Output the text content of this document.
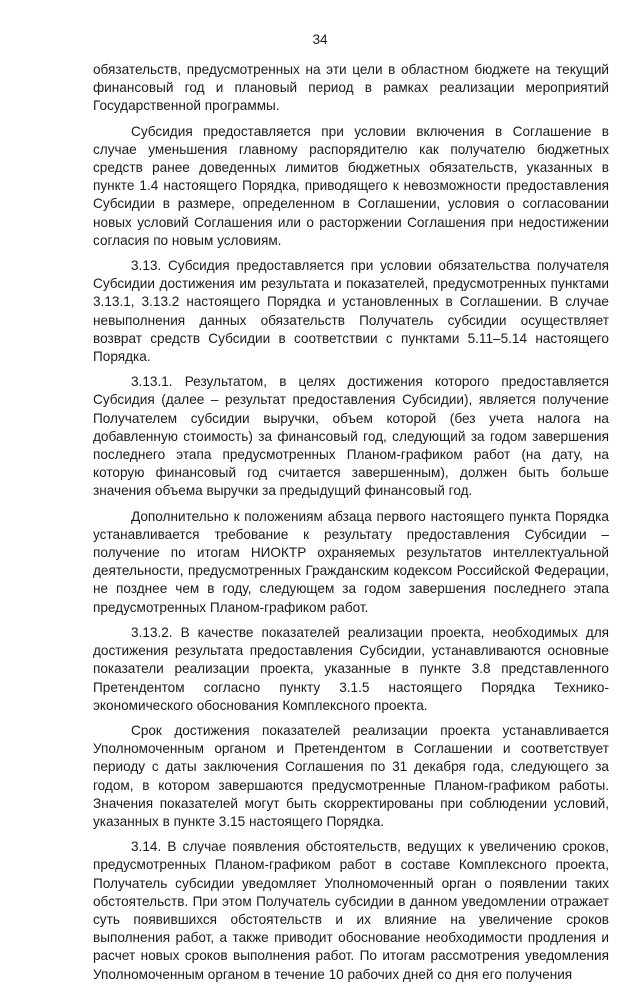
34

обязательств, предусмотренных на эти цели в областном бюджете на текущий финансовый год и плановый период в рамках реализации мероприятий Государственной программы.

Субсидия предоставляется при условии включения в Соглашение в случае уменьшения главному распорядителю как получателю бюджетных средств ранее доведенных лимитов бюджетных обязательств, указанных в пункте 1.4 настоящего Порядка, приводящего к невозможности предоставления Субсидии в размере, определенном в Соглашении, условия о согласовании новых условий Соглашения или о расторжении Соглашения при недостижении согласия по новым условиям.

3.13. Субсидия предоставляется при условии обязательства получателя Субсидии достижения им результата и показателей, предусмотренных пунктами 3.13.1, 3.13.2 настоящего Порядка и установленных в Соглашении. В случае невыполнения данных обязательств Получатель субсидии осуществляет возврат средств Субсидии в соответствии с пунктами 5.11–5.14 настоящего Порядка.

3.13.1. Результатом, в целях достижения которого предоставляется Субсидия (далее – результат предоставления Субсидии), является получение Получателем субсидии выручки, объем которой (без учета налога на добавленную стоимость) за финансовый год, следующий за годом завершения последнего этапа предусмотренных Планом-графиком работ (на дату, на которую финансовый год считается завершенным), должен быть больше значения объема выручки за предыдущий финансовый год.

Дополнительно к положениям абзаца первого настоящего пункта Порядка устанавливается требование к результату предоставления Субсидии – получение по итогам НИОКТР охраняемых результатов интеллектуальной деятельности, предусмотренных Гражданским кодексом Российской Федерации, не позднее чем в году, следующем за годом завершения последнего этапа предусмотренных Планом-графиком работ.

3.13.2. В качестве показателей реализации проекта, необходимых для достижения результата предоставления Субсидии, устанавливаются основные показатели реализации проекта, указанные в пункте 3.8 представленного Претендентом согласно пункту 3.1.5 настоящего Порядка Технико-экономического обоснования Комплексного проекта.

Срок достижения показателей реализации проекта устанавливается Уполномоченным органом и Претендентом в Соглашении и соответствует периоду с даты заключения Соглашения по 31 декабря года, следующего за годом, в котором завершаются предусмотренные Планом-графиком работы. Значения показателей могут быть скорректированы при соблюдении условий, указанных в пункте 3.15 настоящего Порядка.

3.14. В случае появления обстоятельств, ведущих к увеличению сроков, предусмотренных Планом-графиком работ в составе Комплексного проекта, Получатель субсидии уведомляет Уполномоченный орган о появлении таких обстоятельств. При этом Получатель субсидии в данном уведомлении отражает суть появившихся обстоятельств и их влияние на увеличение сроков выполнения работ, а также приводит обоснование необходимости продления и расчет новых сроков выполнения работ. По итогам рассмотрения уведомления Уполномоченным органом в течение 10 рабочих дней со дня его получения
